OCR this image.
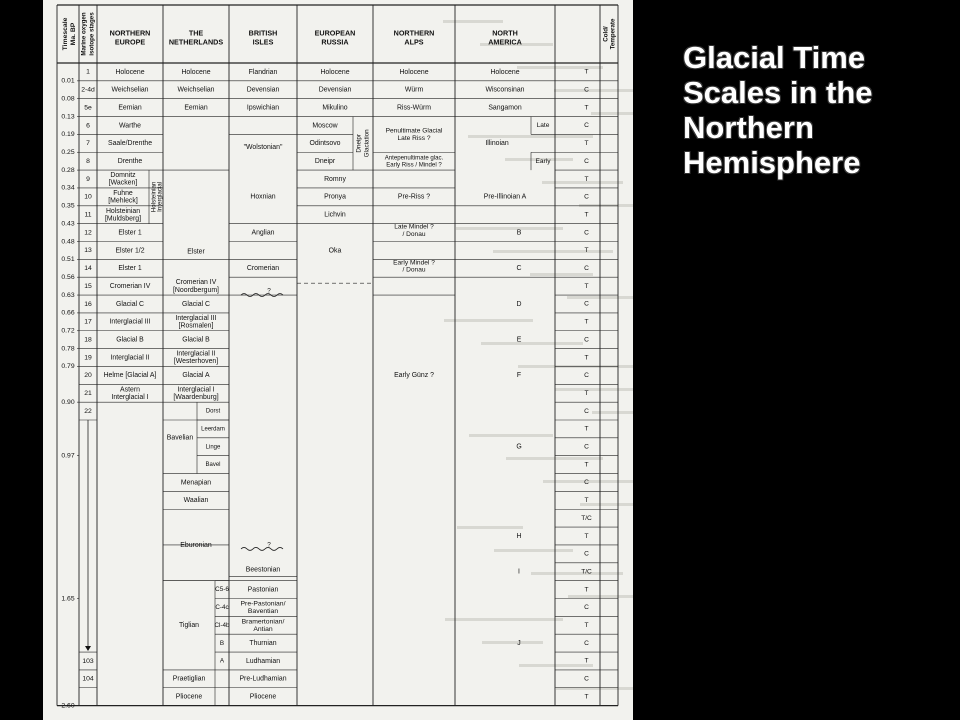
Timescale Ma. BP Marine oxygen isotope stages NORTHERN
EUROPE
THE
NETHERLANDS
BRITISH
ISLES
EUROPEAN
RUSSIA
NORTHERN
ALPS
NORTH
AMERICA
Cold/ Temperate
0.01
0.08
0.13
0.19
0.25
0.28
0.34
0.35
0.43
0.48
0.51
0.56
0.63
0.66
0.72
0.78
0.79
0.90
0.97
1.65
2.60
1
2-4d
5e
6
7
8
9
10
11
12
13
14
15
16
17
18
19
20
21
22
103
104
Holocene
Weichselian
Eemian
Warthe
Saale/Drenthe
Drenthe
Domnitz
[Wacken]
Fuhne
[Mehleck]
Holsteinian
[Muldsberg]
Elster 1
Elster 1/2
Elster 1
Cromerian IV
Glacial C
Interglacial III
Glacial B
Interglacial II
Helme [Glacial A]
Astern
Interglacial I
Holsteinian Interglacial
Holocene
Weichselian
Eemian
Elster
Cromerian IV
[Noordbergum]
Glacial C
Interglacial III
[Rosmalen]
Glacial B
Interglacial II
[Westerhoven]
Glacial A
Interglacial I
[Waardenburg]
Bavelian
Dorst
Leerdam
Linge
Bavel
Menapian
Waalian
Eburonian
Tiglian
C5-6
C-4c
Cl-4b
B
A
Praetiglian
Pliocene
Flandrian
Devensian
Ipswichian
"Wolstonian"
Hoxnian
Anglian
Cromerian
?
?
Beestonian
Pastonian
Pre-Pastonian/
Baventian
Bramertonian/
Antian
Thurnian
Ludhamian
Pre-Ludhamian
Pliocene
Holocene
Devensian
Mikulino
Moscow
Odintsovo
Dneipr
Romny
Pronya
Lichvin
Oka
Dneipr Glaciation
Holocene
Würm
Riss-Würm
Penultimate Glacial
Late Riss ?
Antepenultimate glac.
Early Riss / Mindel ?
Pre-Riss ?
Late Mindel ?
/ Donau
Early Mindel ?
/ Donau
Early Günz ?
Holocene
Wisconsinan
Sangamon
Late
Illinoian
Early
Pre-Illinoian A
B
C
D
E
F
G
H
I
J
T
C
T
C
T
C
T
C
T
C
T
C
T
C
T
C
T
C
T
C
T
C
T
C
T
T/C
T
C
T/C
T
C
T
C
T
C
T
Glacial Time
Scales in the
Northern
Hemisphere
